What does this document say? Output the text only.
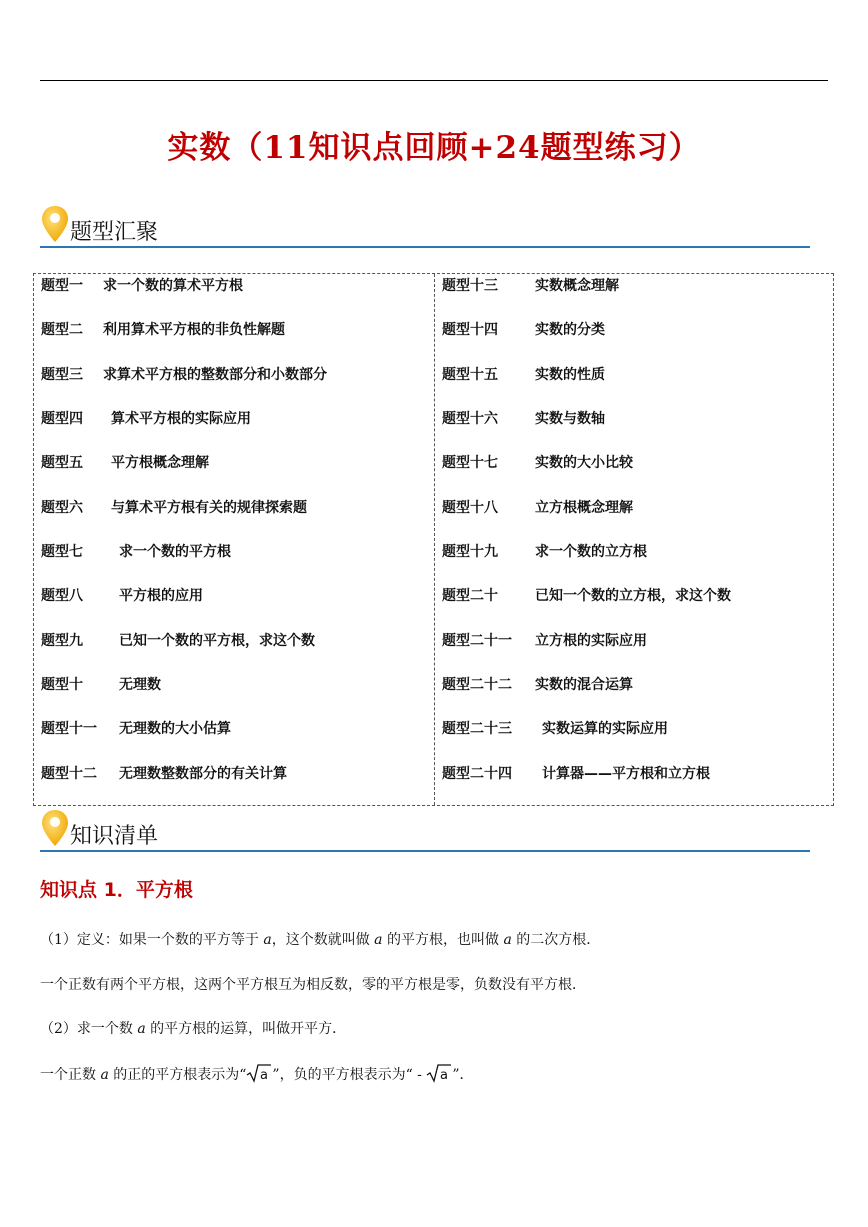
实数（11知识点回顾+24题型练习）
题型汇聚
题型一 求一个数的算术平方根
题型二 利用算术平方根的非负性解题
题型三 求算术平方根的整数部分和小数部分
题型四 算术平方根的实际应用
题型五 平方根概念理解
题型六 与算术平方根有关的规律探索题
题型七	求一个数的平方根
题型八	平方根的应用
题型九	已知一个数的平方根，求这个数
题型十	无理数
题型十一 无理数的大小估算
题型十二 无理数整数部分的有关计算
题型十三	实数概念理解
题型十四	实数的分类
题型十五	实数的性质
题型十六	实数与数轴
题型十七	实数的大小比较
题型十八	立方根概念理解
题型十九	求一个数的立方根
题型二十	已知一个数的立方根，求这个数
题型二十一 立方根的实际应用
题型二十二 实数的混合运算
题型二十三 实数运算的实际应用
题型二十四 计算器——平方根和立方根
知识清单
知识点 1．平方根
（1）定义：如果一个数的平方等于 a，这个数就叫做 a 的平方根，也叫做 a 的二次方根．
一个正数有两个平方根，这两个平方根互为相反数，零的平方根是零，负数没有平方根．
（2）求一个数 a 的平方根的运算，叫做开平方．
一个正数 a 的正的平方根表示为“ a ”，负的平方根表示为“ - a ”．
